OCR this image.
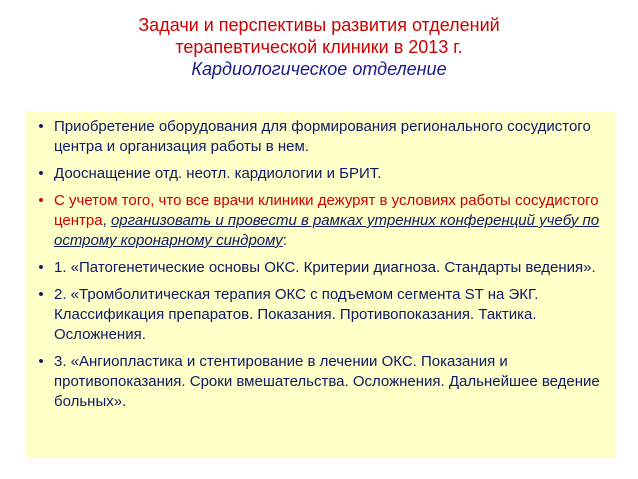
Задачи и перспективы развития отделений
терапевтической клиники в 2013 г.
Кардиологическое отделение
• Приобретение оборудования для формирования регионального сосудистого центра и организация работы в нем.
• Дооснащение отд. неотл. кардиологии и БРИТ.
• С учетом того, что все врачи клиники дежурят в условиях работы сосудистого центра, организовать и провести в рамках утренних конференций учебу по острому коронарному синдрому:
• 1. «Патогенетические основы ОКС. Критерии диагноза. Стандарты ведения».
• 2. «Тромболитическая терапия ОКС с подъемом сегмента ST на ЭКГ. Классификация препаратов. Показания. Противопоказания. Тактика. Осложнения.
• 3. «Ангиопластика и стентирование в лечении ОКС. Показания и противопоказания. Сроки вмешательства. Осложнения. Дальнейшее ведение больных».
